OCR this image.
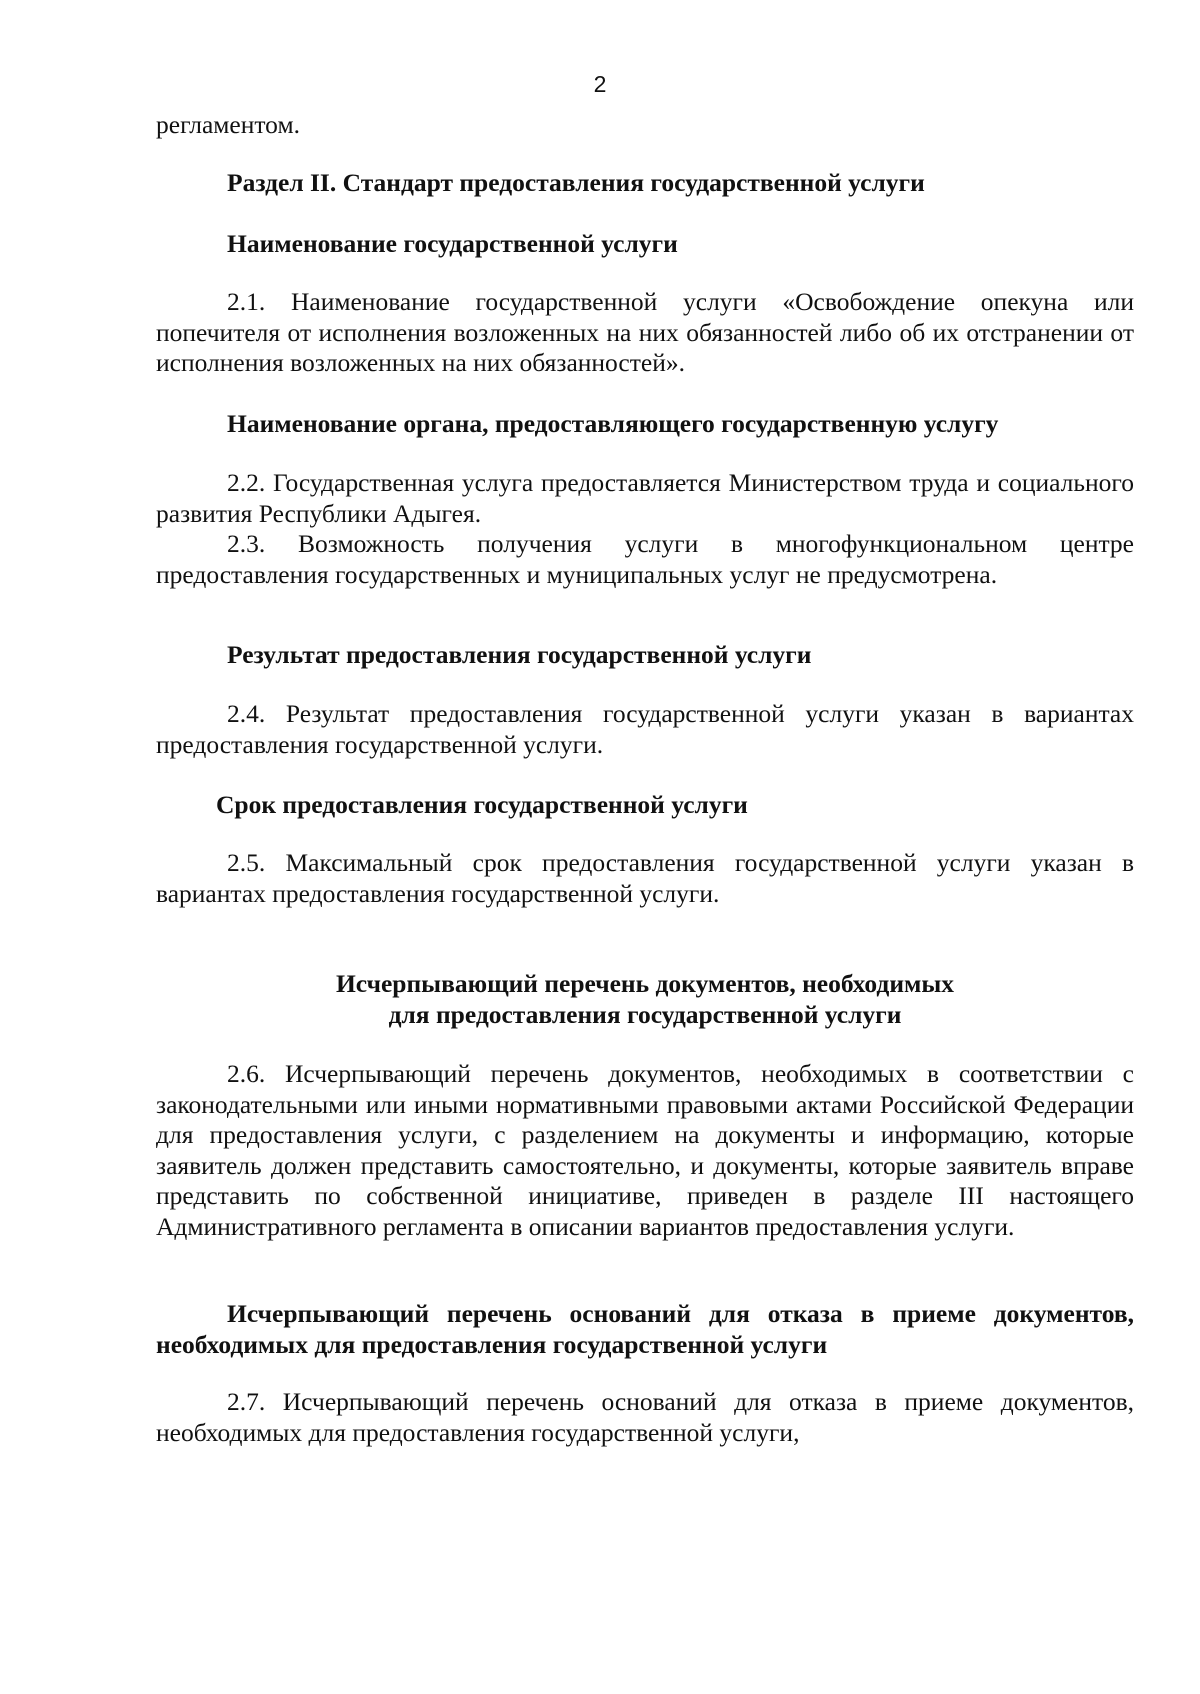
2

регламентом.

Раздел II. Стандарт предоставления государственной услуги

Наименование государственной услуги

2.1. Наименование государственной услуги «Освобождение опекуна или попечителя от исполнения возложенных на них обязанностей либо об их отстранении от исполнения возложенных на них обязанностей».

Наименование органа, предоставляющего государственную услугу

2.2. Государственная услуга предоставляется Министерством труда и социального развития Республики Адыгея.

2.3. Возможность получения услуги в многофункциональном центре предоставления государственных и муниципальных услуг не предусмотрена.

Результат предоставления государственной услуги

2.4. Результат предоставления государственной услуги указан в вариантах предоставления государственной услуги.

Срок предоставления государственной услуги

2.5. Максимальный срок предоставления государственной услуги указан в вариантах предоставления государственной услуги.

Исчерпывающий перечень документов, необходимых
для предоставления государственной услуги

2.6. Исчерпывающий перечень документов, необходимых в соответствии с законодательными или иными нормативными правовыми актами Российской Федерации для предоставления услуги, с разделением на документы и информацию, которые заявитель должен представить самостоятельно, и документы, которые заявитель вправе представить по собственной инициативе, приведен в разделе III настоящего Административного регламента в описании вариантов предоставления услуги.

Исчерпывающий перечень оснований для отказа в приеме документов, необходимых для предоставления государственной услуги

2.7. Исчерпывающий перечень оснований для отказа в приеме документов, необходимых для предоставления государственной услуги,
